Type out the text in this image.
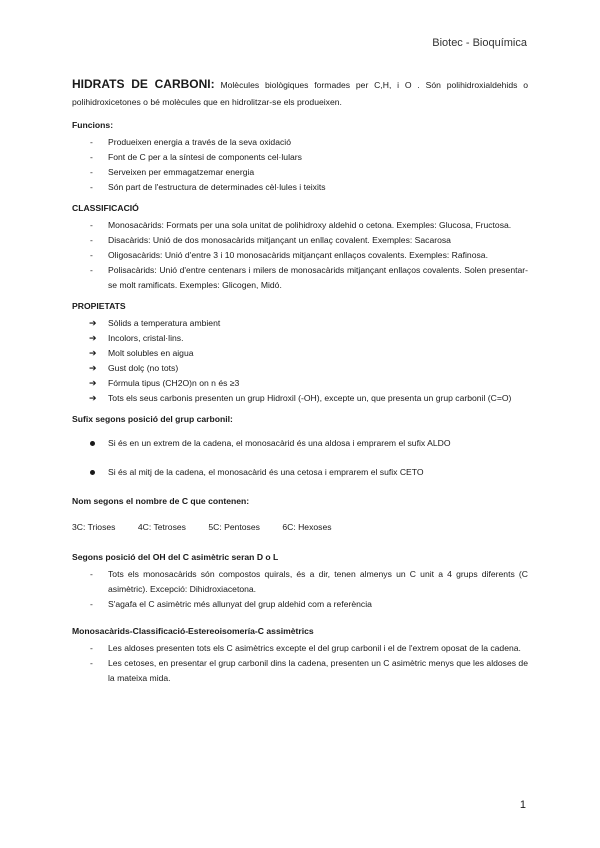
Biotec - Bioquímica

HIDRATS DE CARBONI: Molècules biològiques formades per C,H, i O . Són polihidroxialdehids o polihidroxicetones o bé molècules que en hidrolitzar-se els produeixen.

Funcions:

- Produeixen energia a través de la seva oxidació
- Font de C per a la síntesi de components cel·lulars
- Serveixen per emmagatzemar energia
- Són part de l'estructura de determinades cèl·lules i teixits

CLASSIFICACIÓ

- Monosacàrids: Formats per una sola unitat de polihidroxy aldehid o cetona. Exemples: Glucosa, Fructosa.
- Disacàrids: Unió de dos monosacàrids mitjançant un enllaç covalent. Exemples: Sacarosa
- Oligosacàrids: Unió d'entre 3 i 10 monosacàrids mitjançant enllaços covalents. Exemples: Rafinosa.
- Polisacàrids: Unió d'entre centenars i milers de monosacàrids mitjançant enllaços covalents. Solen presentar-se molt ramificats. Exemples: Glicogen, Midó.

PROPIETATS

➔ Sòlids a temperatura ambient
➔ Incolors, cristal·lins.
➔ Molt solubles en aigua
➔ Gust dolç (no tots)
➔ Fórmula tipus (CH2O)n on n és ≥3
➔ Tots els seus carbonis presenten un grup Hidroxil (-OH), excepte un, que presenta un grup carbonil (C=O)

Sufix segons posició del grup carbonil:

Si és en un extrem de la cadena, el monosacàrid és una aldosa i emprarem el sufix ALDO
Si és al mitj de la cadena, el monosacàrid és una cetosa i emprarem el sufix CETO

Nom segons el nombre de C que contenen:

3C: Trioses	4C: Tetroses	5C: Pentoses	6C: Hexoses

Segons posició del OH del C asimètric seran D o L

- Tots els monosacàrids són compostos quirals, és a dir, tenen almenys un C unit a 4 grups diferents (C asimètric). Excepció: Dihidroxiacetona.
- S'agafa el C asimètric més allunyat del grup aldehid com a referència

Monosacàrids-Classificació-Estereoisomería-C assimètrics

- Les aldoses presenten tots els C asimètrics excepte el del grup carbonil i el de l'extrem oposat de la cadena.
- Les cetoses, en presentar el grup carbonil dins la cadena, presenten un C asimètric menys que les aldoses de la mateixa mida.
1
